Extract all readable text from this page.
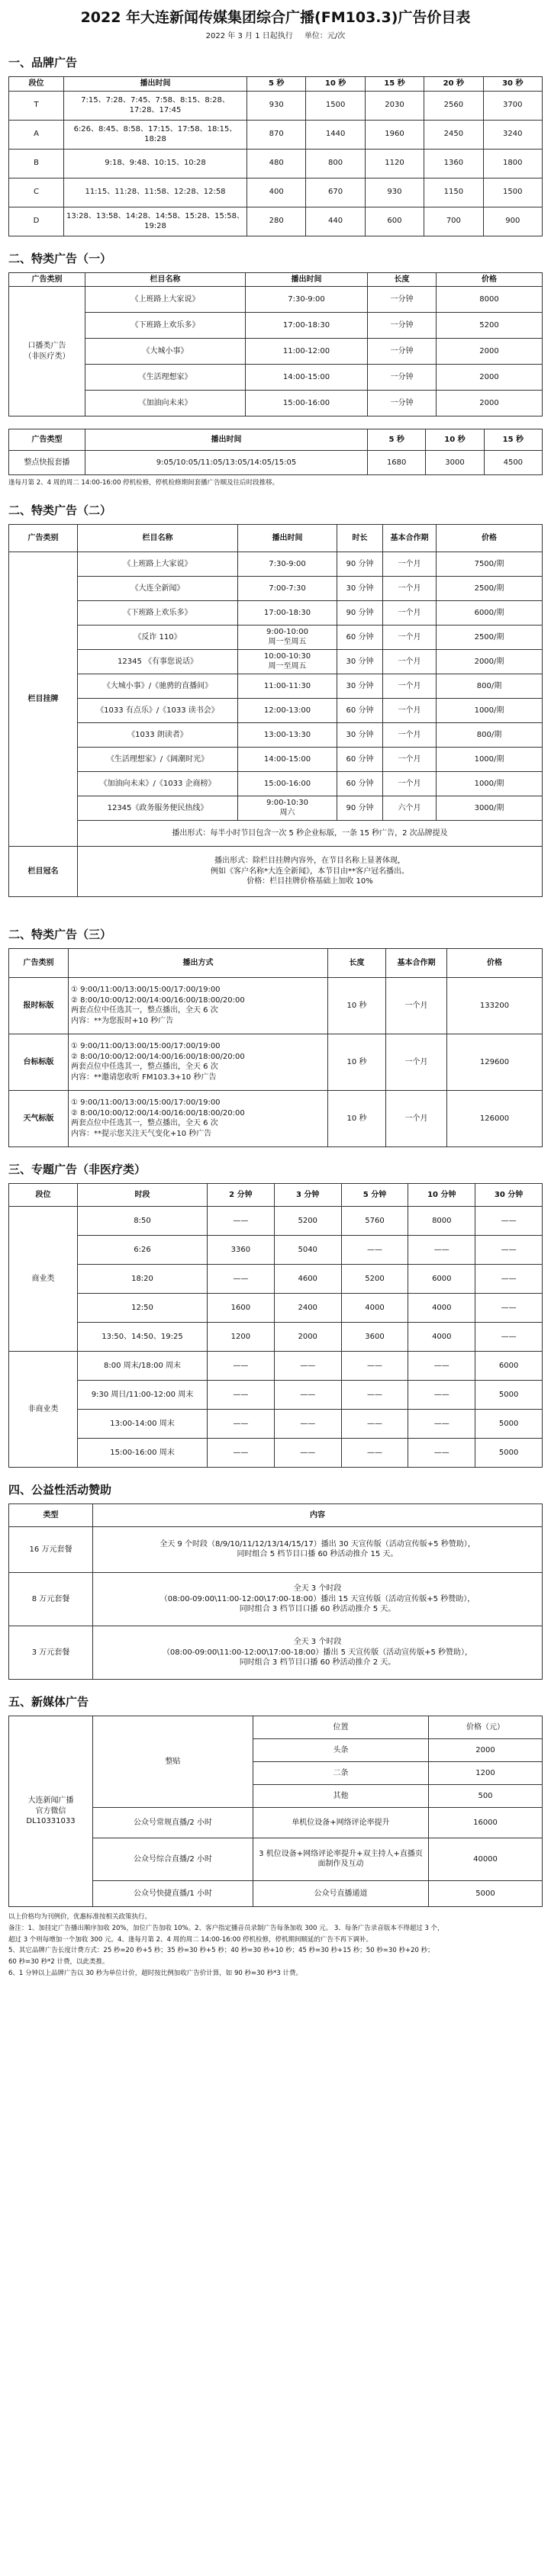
2022 年大连新闻传媒集团综合广播(FM103.3)广告价目表
2022 年 3 月 1 日起执行 单位：元/次
一、品牌广告
段位	播出时间	5 秒	10 秒	15 秒	20 秒	30 秒
T	7:15、7:28、7:45、7:58、8:15、8:28、17:28、17:45	930	1500	2030	2560	3700
A	6:26、8:45、8:58、17:15、17:58、18:15、18:28	870	1440	1960	2450	3240
B	9:18、9:48、10:15、10:28	480	800	1120	1360	1800
C	11:15、11:28、11:58、12:28、12:58	400	670	930	1150	1500
D	13:28、13:58、14:28、14:58、15:28、15:58、19:28	280	440	600	700	900
二、特类广告（一）
广告类别	栏目名称	播出时间	长度	价格
口播类广告
（非医疗类）	《上班路上大家说》	7:30-9:00	一分钟	8000
	《下班路上欢乐多》	17:00-18:30	一分钟	5200
	《大城小事》	11:00-12:00	一分钟	2000
	《生活理想家》	14:00-15:00	一分钟	2000
	《加油向未来》	15:00-16:00	一分钟	2000
广告类型	播出时间	5 秒	10 秒	15 秒
整点快报套播	9:05/10:05/11:05/13:05/14:05/15:05	1680	3000	4500
逢每月第 2、4 周的周二 14:00-16:00 停机检修，停机检修期间套播广告顺及往后时段推移。
二、特类广告（二）
广告类别	栏目名称	播出时间	时长	基本合作期	价格
栏目挂牌	《上班路上大家说》	7:30-9:00	90 分钟	一个月	7500/期
	《大连全新闻》	7:00-7:30	30 分钟	一个月	2500/期
	《下班路上欢乐多》	17:00-18:30	90 分钟	一个月	6000/期
	《反诈 110》	9:00-10:00
周一至周五	60 分钟	一个月	2500/期
	12345 《有事您说话》	10:00-10:30
周一至周五	30 分钟	一个月	2000/期
	《大城小事》/《驰骋的直播间》	11:00-11:30	30 分钟	一个月	800/期
	《1033 有点乐》/《1033 读书会》	12:00-13:00	60 分钟	一个月	1000/期
	《1033 朗读者》	13:00-13:30	30 分钟	一个月	800/期
	《生活理想家》/《阔潮时光》	14:00-15:00	60 分钟	一个月	1000/期
	《加油向未来》/《1033 企商榜》	15:00-16:00	60 分钟	一个月	1000/期
	12345《政务服务便民热线》	9:00-10:30
周六	90 分钟	六个月	3000/期
	播出形式：每半小时节目包含一次 5 秒企业标版，一条 15 秒广告，2 次品牌提及				
栏目冠名	播出形式：除栏目挂牌内容外，在节目名称上显著体现，
例如《客户名称*大连全新闻》，本节目由**客户冠名播出。
价格：栏目挂牌价格基础上加收 10%				
二、特类广告（三）
广告类别	播出方式	长度	基本合作期	价格
报时标版	① 9:00/11:00/13:00/15:00/17:00/19:00
② 8:00/10:00/12:00/14:00/16:00/18:00/20:00
两套点位中任选其一，整点播出，全天 6 次
内容：**为您报时+10 秒广告	10 秒	一个月	133200
台标标版	① 9:00/11:00/13:00/15:00/17:00/19:00
② 8:00/10:00/12:00/14:00/16:00/18:00/20:00
两套点位中任选其一，整点播出，全天 6 次
内容：**邀请您收听 FM103.3+10 秒广告	10 秒	一个月	129600
天气标版	① 9:00/11:00/13:00/15:00/17:00/19:00
② 8:00/10:00/12:00/14:00/16:00/18:00/20:00
两套点位中任选其一，整点播出，全天 6 次
内容：**提示您关注天气变化+10 秒广告	10 秒	一个月	126000
三、专题广告（非医疗类）
段位	时段	2 分钟	3 分钟	5 分钟	10 分钟	30 分钟
商业类	8:50	——	5200	5760	8000	——
	6:26	3360	5040	——	——	——
	18:20	——	4600	5200	6000	——
	12:50	1600	2400	4000	4000	——
	13:50、14:50、19:25	1200	2000	3600	4000	——
非商业类	8:00 周末/18:00 周末	——	——	——	——	6000
	9:30 周日/11:00-12:00 周末	——	——	——	——	5000
	13:00-14:00 周末	——	——	——	——	5000
	15:00-16:00 周末	——	——	——	——	5000
四、公益性活动赞助
类型	内容
16 万元套餐	全天 9 个时段（8/9/10/11/12/13/14/15/17）播出 30 天宣传版（活动宣传版+5 秒赞助），
同时组合 5 档节目口播 60 秒活动推介 15 天。
8 万元套餐	全天 3 个时段
（08:00-09:00\11:00-12:00\17:00-18:00）播出 15 天宣传版（活动宣传版+5 秒赞助），
同时组合 3 档节目口播 60 秒活动推介 5 天。
3 万元套餐	全天 3 个时段
（08:00-09:00\11:00-12:00\17:00-18:00）播出 5 天宣传版（活动宣传版+5 秒赞助），
同时组合 3 档节目口播 60 秒活动推介 2 天。
五、新媒体广告
大连新闻广播
官方微信
DL10331033	整贴	位置	价格（元）
		头条	2000
		二条	1200
		其他	500
	公众号常规直播/2 小时	单机位设备+网络评论率提升	16000
	公众号综合直播/2 小时	3 机位设备+网络评论率提升+双主持人+直播页面制作及互动	40000
	公众号快捷直播/1 小时	公众号直播通道	5000

以上价格均为刊例价，优惠标准按相关政策执行。

备注：1、加挂定广告播出顺序加收 20%，加位广告加收 10%。2、客户指定播音员录制广告每条加收 300 元。 3、每条广告录音版本不得超过 3 个，

超过 3 个则每增加一个加收 300 元。4、逢每月第 2、4 周的周二 14:00-16:00 停机检修，停机期间顺延的广告不再下调补。

5、其它品牌广告长度计费方式：25 秒=20 秒+5 秒；35 秒=30 秒+5 秒；40 秒=30 秒+10 秒；45 秒=30 秒+15 秒；50 秒=30 秒+20 秒；

60 秒=30 秒*2 计费，以此类推。

6、1 分钟以上品牌广告以 30 秒为单位计价，超时按比例加收广告价计算，如 90 秒=30 秒*3 计费。
